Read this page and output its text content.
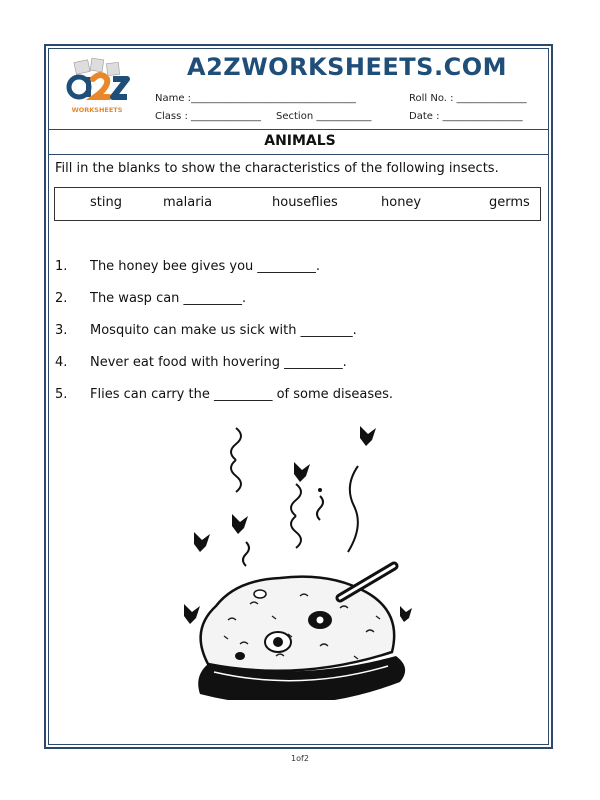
WORKSHEETS
A2ZWORKSHEETS.COM
Name :_________________________________	Roll No. : ______________
Class : ______________ Section ___________	Date : ________________
ANIMALS
Fill in the blanks to show the characteristics of the following insects.
sting	malaria	houseflies	honey	germs
1. The honey bee gives you _________.
2. The wasp can _________.
3. Mosquito can make us sick with ________.
4. Never eat food with hovering _________.
5. Flies can carry the _________ of some diseases.
1of2
